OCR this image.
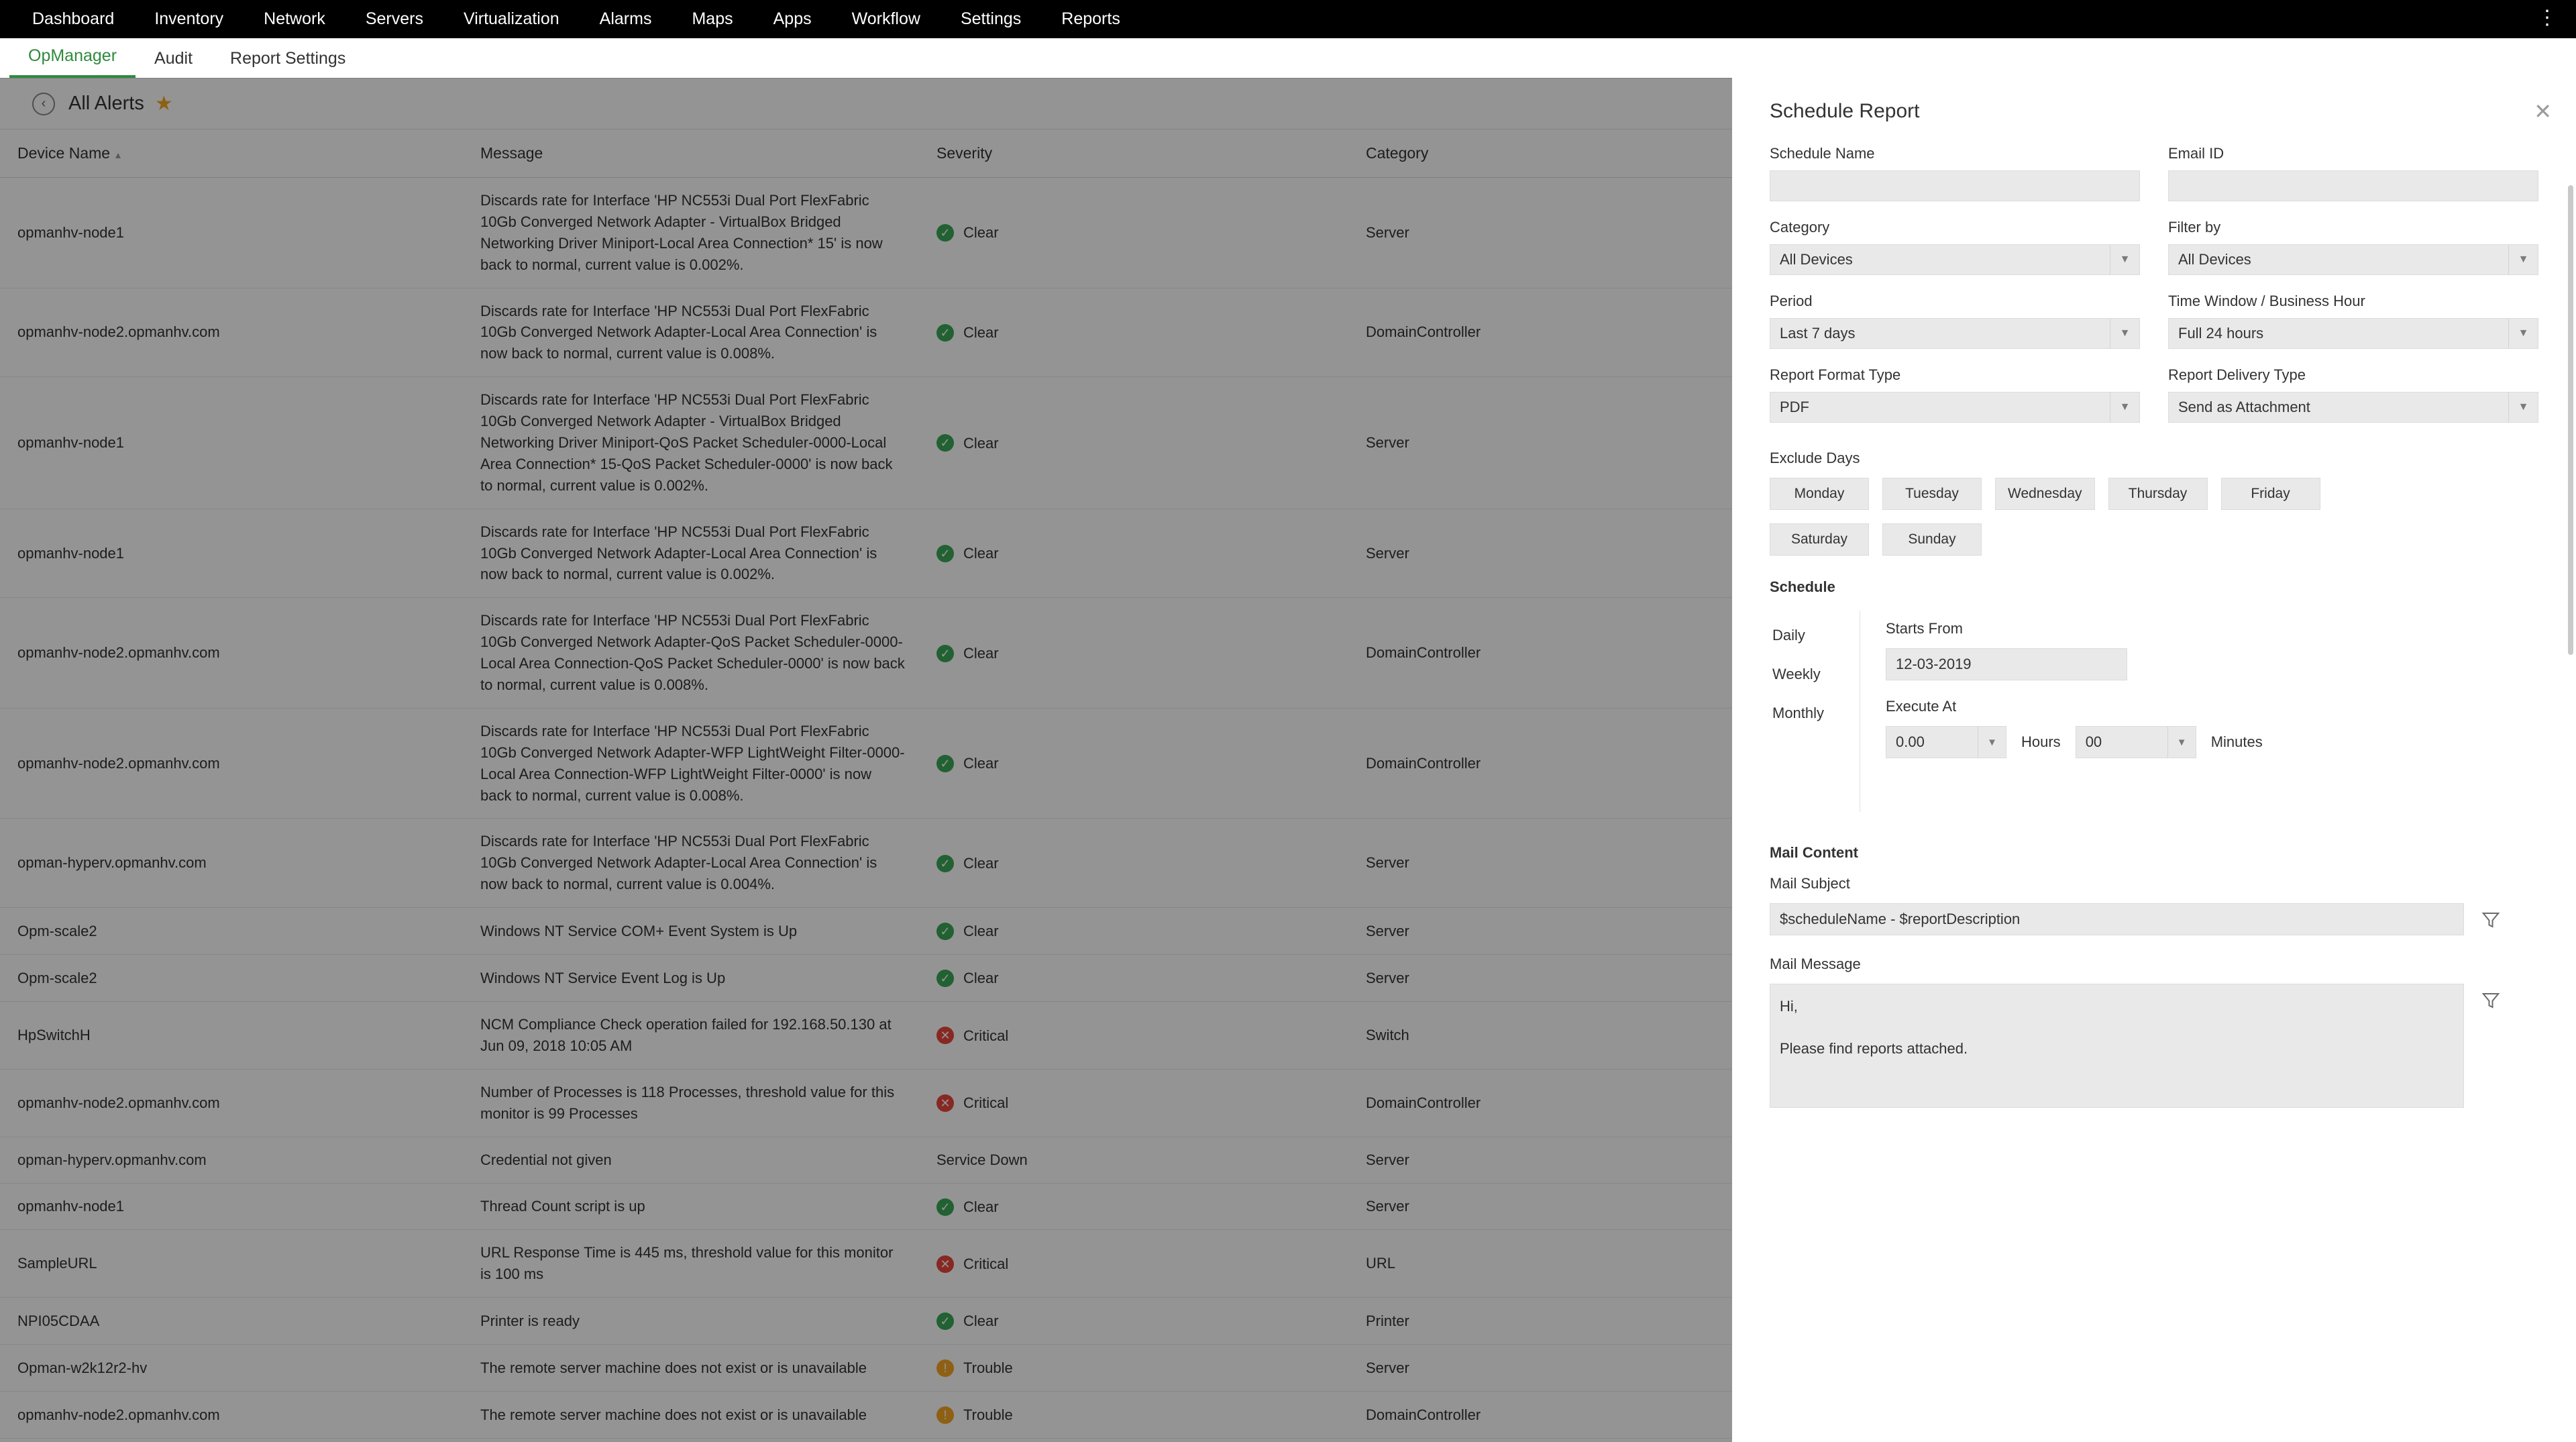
Dashboard	Inventory	Network	Servers	Virtualization	Alarms	Maps	Apps	Workflow	Settings	Reports	⋮
OpManager	Audit	Report Settings
‹	All Alerts ★
Device Name ▴	Message	Severity	Category
opmanhv-node1	Discards rate for Interface 'HP NC553i Dual Port FlexFabric 10Gb Converged Network Adapter - VirtualBox Bridged Networking Driver Miniport-Local Area Connection* 15' is now back to normal, current value is 0.002%.	✓ Clear	Server
opmanhv-node2.opmanhv.com	Discards rate for Interface 'HP NC553i Dual Port FlexFabric 10Gb Converged Network Adapter-Local Area Connection' is now back to normal, current value is 0.008%.	✓ Clear	DomainController
opmanhv-node1	Discards rate for Interface 'HP NC553i Dual Port FlexFabric 10Gb Converged Network Adapter - VirtualBox Bridged Networking Driver Miniport-QoS Packet Scheduler-0000-Local Area Connection* 15-QoS Packet Scheduler-0000' is now back to normal, current value is 0.002%.	✓ Clear	Server
opmanhv-node1	Discards rate for Interface 'HP NC553i Dual Port FlexFabric 10Gb Converged Network Adapter-Local Area Connection' is now back to normal, current value is 0.002%.	✓ Clear	Server
opmanhv-node2.opmanhv.com	Discards rate for Interface 'HP NC553i Dual Port FlexFabric 10Gb Converged Network Adapter-QoS Packet Scheduler-0000-Local Area Connection-QoS Packet Scheduler-0000' is now back to normal, current value is 0.008%.	✓ Clear	DomainController
opmanhv-node2.opmanhv.com	Discards rate for Interface 'HP NC553i Dual Port FlexFabric 10Gb Converged Network Adapter-WFP LightWeight Filter-0000-Local Area Connection-WFP LightWeight Filter-0000' is now back to normal, current value is 0.008%.	✓ Clear	DomainController
opman-hyperv.opmanhv.com	Discards rate for Interface 'HP NC553i Dual Port FlexFabric 10Gb Converged Network Adapter-Local Area Connection' is now back to normal, current value is 0.004%.	✓ Clear	Server
Opm-scale2	Windows NT Service COM+ Event System is Up	✓ Clear	Server
Opm-scale2	Windows NT Service Event Log is Up	✓ Clear	Server
HpSwitchH	NCM Compliance Check operation failed for 192.168.50.130 at Jun 09, 2018 10:05 AM	✕ Critical	Switch
opmanhv-node2.opmanhv.com	Number of Processes is 118 Processes, threshold value for this monitor is 99 Processes	✕ Critical	DomainController
opman-hyperv.opmanhv.com	Credential not given	Service Down	Server
opmanhv-node1	Thread Count script is up	✓ Clear	Server
SampleURL	URL Response Time is 445 ms, threshold value for this monitor is 100 ms	✕ Critical	URL
NPI05CDAA	Printer is ready	✓ Clear	Printer
Opman-w2k12r2-hv	The remote server machine does not exist or is unavailable	! Trouble	Server
opmanhv-node2.opmanhv.com	The remote server machine does not exist or is unavailable	! Trouble	DomainController
Schedule Report	✕
Schedule Name	Email ID
Category
All Devices	▼
Filter by
All Devices	▼
Period
Last 7 days	▼
Time Window / Business Hour
Full 24 hours	▼
Report Format Type
PDF	▼
Report Delivery Type
Send as Attachment	▼
Exclude Days
Monday	Tuesday	Wednesday	Thursday	Friday
Saturday	Sunday
Schedule
Daily
Weekly
Monthly
Starts From
12-03-2019
Execute At
0.00	▼	Hours	00	▼	Minutes
Mail Content
Mail Subject
$scheduleName - $reportDescription
Mail Message
Hi,
Please find reports attached.
